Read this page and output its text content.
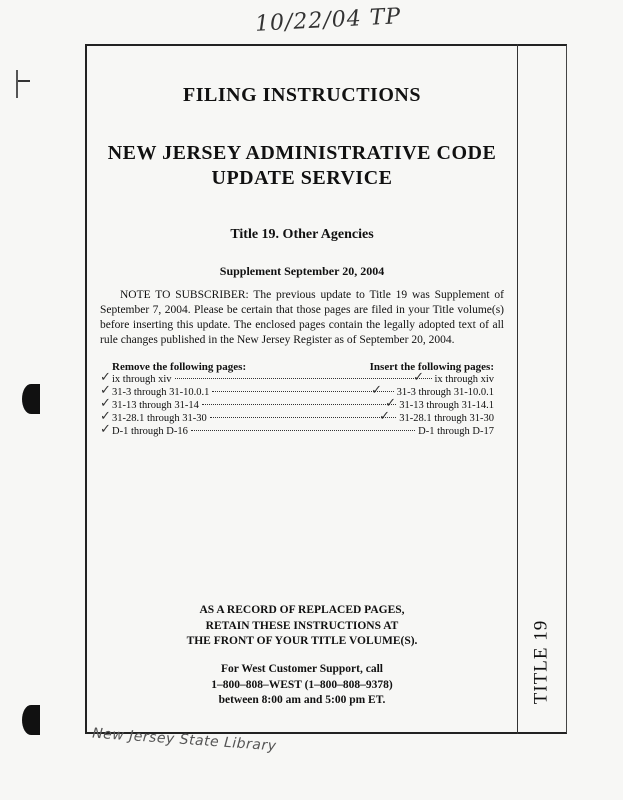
10/22/04 TP
TITLE 19
FILING INSTRUCTIONS
NEW JERSEY ADMINISTRATIVE CODE
UPDATE SERVICE
Title 19. Other Agencies
Supplement September 20, 2004
NOTE TO SUBSCRIBER: The previous update to Title 19 was Supplement of September 7, 2004. Please be certain that those pages are filed in your Title volume(s) before inserting this update. The enclosed pages contain the legally adopted text of all rule changes published in the New Jersey Register as of September 20, 2004.
Remove the following pages:	Insert the following pages:
✓ ix through xiv	✓ ix through xiv
✓ 31-3 through 31-10.0.1	✓ 31-3 through 31-10.0.1
✓ 31-13 through 31-14	✓ 31-13 through 31-14.1
✓ 31-28.1 through 31-30	✓ 31-28.1 through 31-30
✓ D-1 through D-16	D-1 through D-17
AS A RECORD OF REPLACED PAGES,
RETAIN THESE INSTRUCTIONS AT
THE FRONT OF YOUR TITLE VOLUME(S).
For West Customer Support, call
1–800–808–WEST (1–800–808–9378)
between 8:00 am and 5:00 pm ET.
New Jersey State Library
